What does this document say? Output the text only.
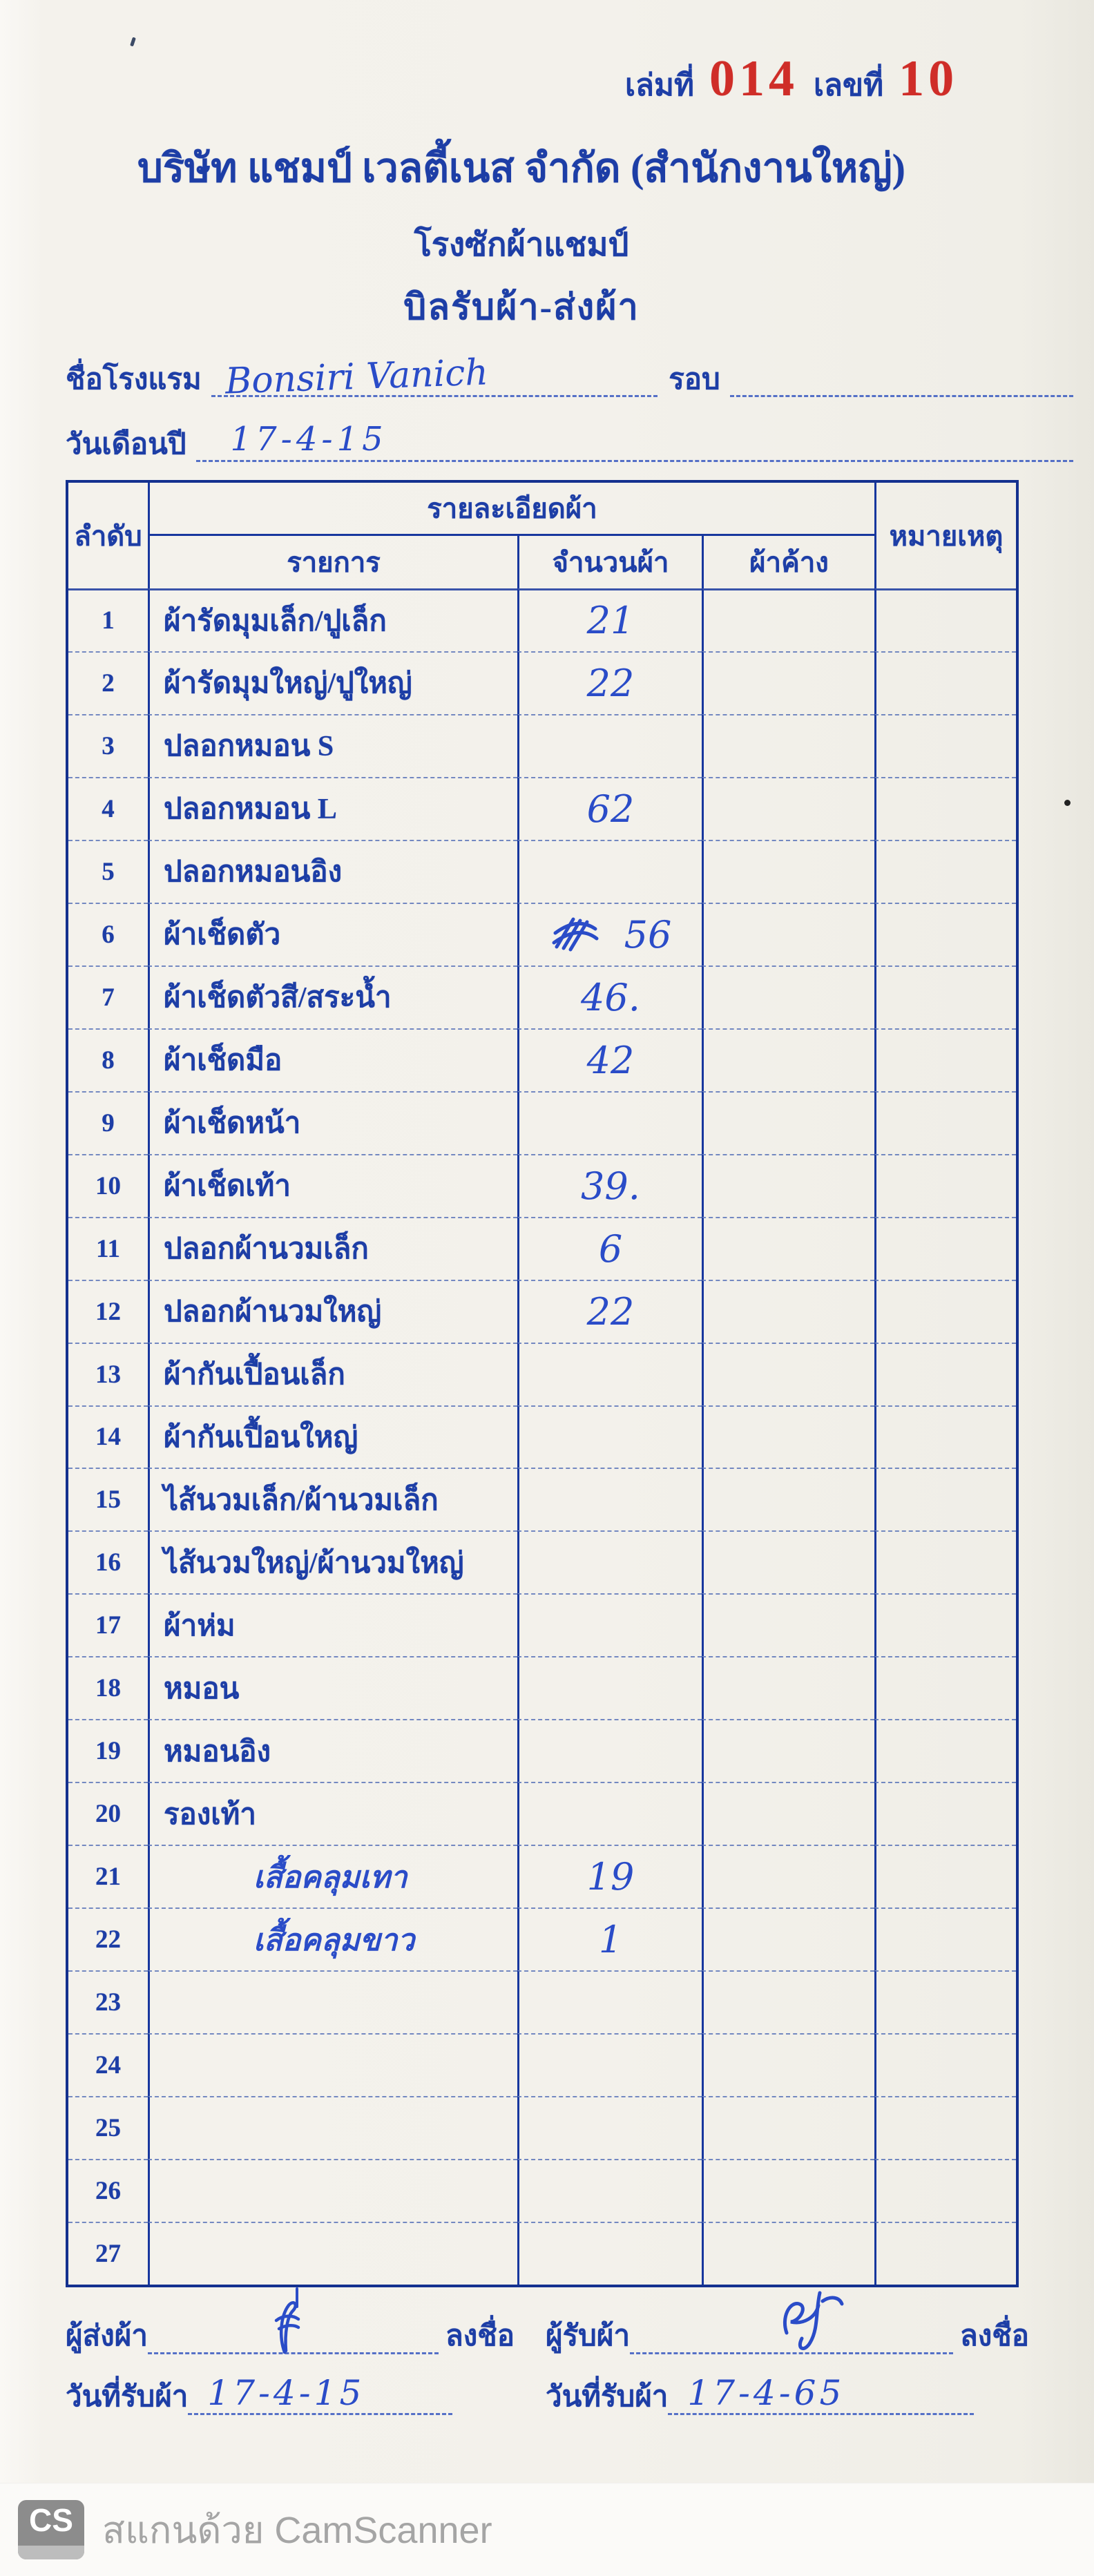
เล่มที่ 014 เลขที่ 10
บริษัท แชมป์ เวลตี้เนส จำกัด (สำนักงานใหญ่)
โรงซักผ้าแชมป์
บิลรับผ้า-ส่งผ้า
ชื่อโรงแรม Bonsiri Vanich	รอบ
วันเดือนปี 17-4-15
ลำดับ
รายละเอียดผ้า
หมายเหตุ
รายการ	จำนวนผ้า	ผ้าค้าง
1	ผ้ารัดมุมเล็ก/ปูเล็ก	21
2	ผ้ารัดมุมใหญ่/ปูใหญ่	22
3	ปลอกหมอน S
4	ปลอกหมอน L	62
5	ปลอกหมอนอิง
6	ผ้าเช็ดตัว	56
7	ผ้าเช็ดตัวสี/สระน้ำ	46.
8	ผ้าเช็ดมือ	42
9	ผ้าเช็ดหน้า
10	ผ้าเช็ดเท้า	39.
11	ปลอกผ้านวมเล็ก	6
12	ปลอกผ้านวมใหญ่	22
13	ผ้ากันเปื้อนเล็ก
14	ผ้ากันเปื้อนใหญ่
15	ไส้นวมเล็ก/ผ้านวมเล็ก
16	ไส้นวมใหญ่/ผ้านวมใหญ่
17	ผ้าห่ม
18	หมอน
19	หมอนอิง
20	รองเท้า
21	เสื้อคลุมเทา	19
22	เสื้อคลุมขาว	1
23
24
25
26
27
ผู้ส่งผ้า	ลงชื่อ ผู้รับผ้า	ลงชื่อ
วันที่รับผ้า 17-4-15	วันที่รับผ้า 17-4-65
CS สแกนด้วย CamScanner
